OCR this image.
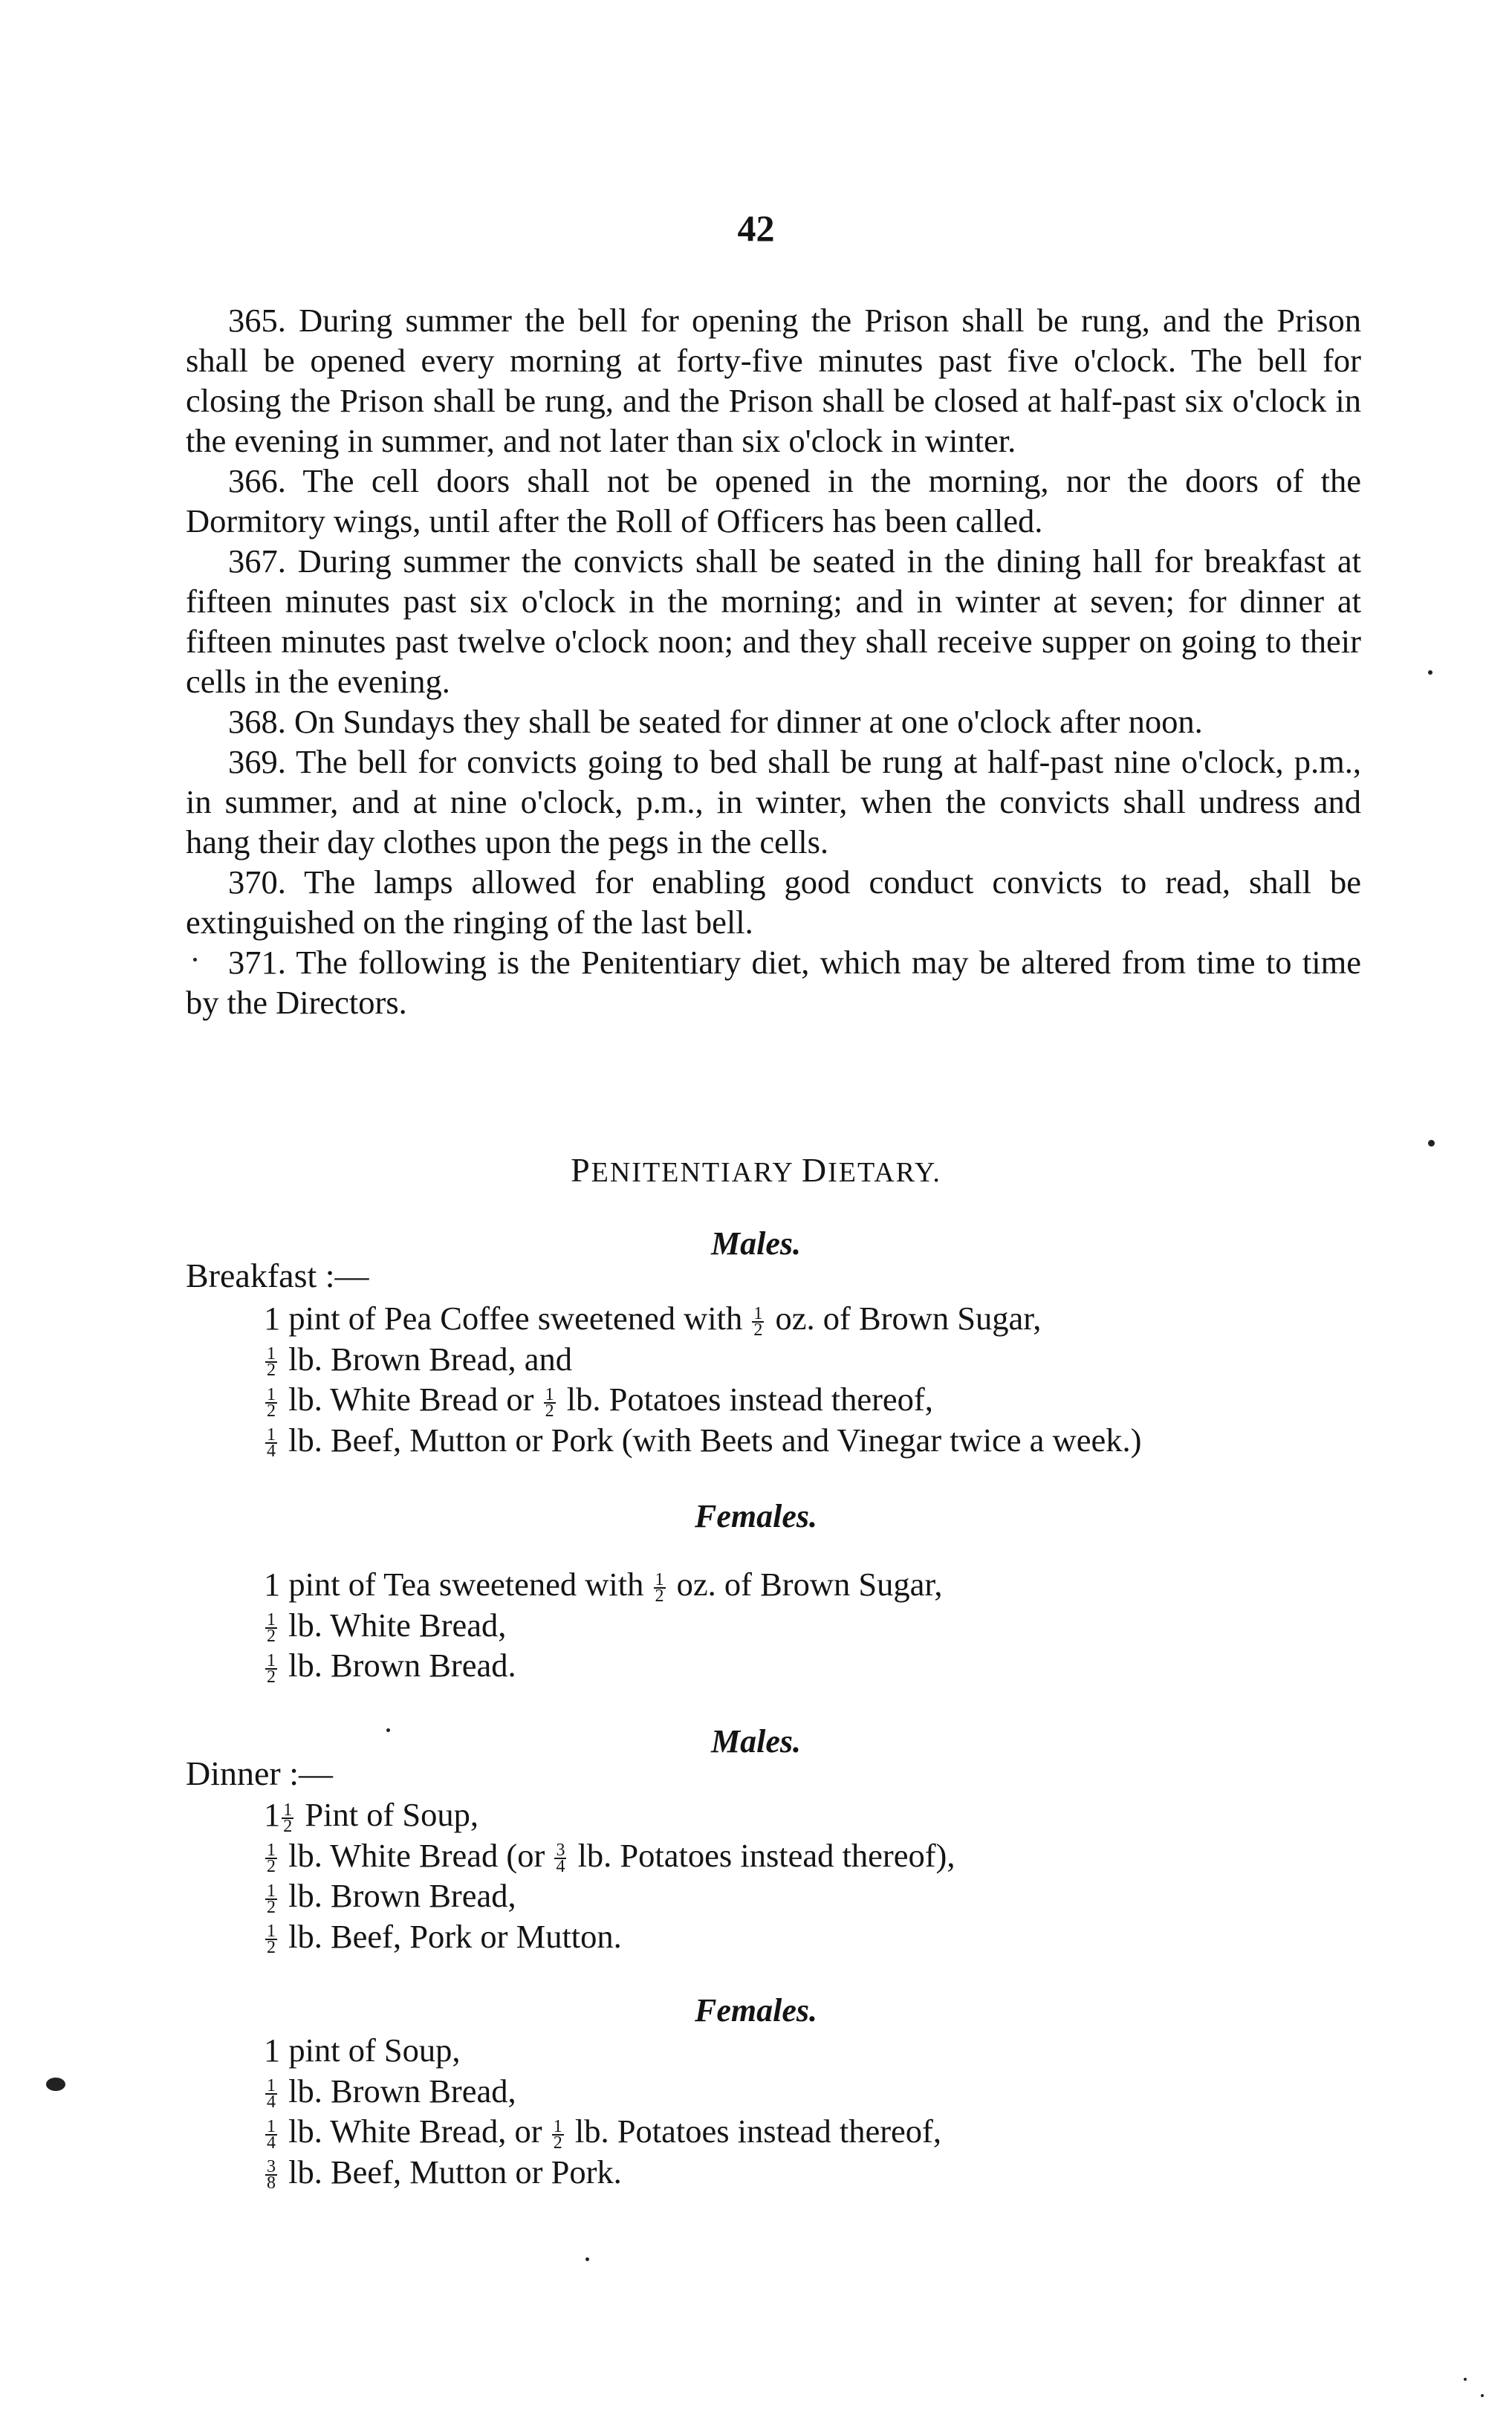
42

365. During summer the bell for opening the Prison shall be rung, and the Prison shall be opened every morning at forty-five minutes past five o'clock. The bell for closing the Prison shall be rung, and the Prison shall be closed at half-past six o'clock in the evening in summer, and not later than six o'clock in winter.

366. The cell doors shall not be opened in the morning, nor the doors of the Dormitory wings, until after the Roll of Officers has been called.

367. During summer the convicts shall be seated in the dining hall for breakfast at fifteen minutes past six o'clock in the morning; and in winter at seven; for dinner at fifteen minutes past twelve o'clock noon; and they shall receive supper on going to their cells in the evening.

368. On Sundays they shall be seated for dinner at one o'clock after noon.

369. The bell for convicts going to bed shall be rung at half-past nine o'clock, p.m., in summer, and at nine o'clock, p.m., in winter, when the convicts shall undress and hang their day clothes upon the pegs in the cells.

370. The lamps allowed for enabling good conduct convicts to read, shall be extinguished on the ringing of the last bell.

371. The following is the Penitentiary diet, which may be altered from time to time by the Directors.

PENITENTIARY DIETARY.
Males.
Breakfast :—
1 pint of Pea Coffee sweetened with $\frac{1}{2}$ oz. of Brown Sugar,
$\frac{1}{2}$ lb. Brown Bread, and
$\frac{1}{2}$ lb. White Bread or $\frac{1}{2}$ lb. Potatoes instead thereof,
$\frac{1}{4}$ lb. Beef, Mutton or Pork (with Beets and Vinegar twice a week.)
Females.
1 pint of Tea sweetened with $\frac{1}{2}$ oz. of Brown Sugar,
$\frac{1}{2}$ lb. White Bread,
$\frac{1}{2}$ lb. Brown Bread.
Males.
Dinner :—
$1 \frac{1}{2}$ Pint of Soup,
$\frac{1}{2}$ lb. White Bread ($or \frac{3}{4}$ lb. Potatoes instead thereof),
$\frac{1}{2}$ lb. Brown Bread,
$\frac{1}{2}$ lb. Beef, Pork or Mutton.
Females.
1 pint of Soup,
$\frac{1}{4}$ lb. Brown Bread,
$\frac{1}{4}$ lb. White Bread, or $\frac{1}{2}$ lb. Potatoes instead thereof,
$\frac{3}{8}$ lb. Beef, Mutton or Pork.
